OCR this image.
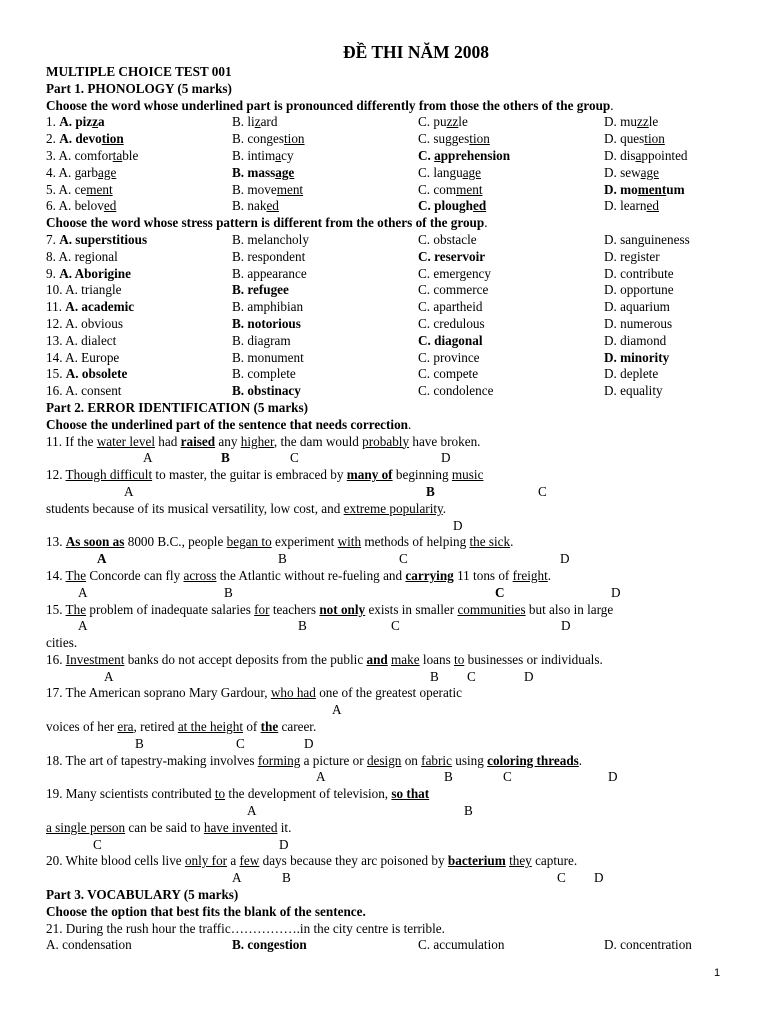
ĐỀ THI NĂM 2008
MULTIPLE CHOICE TEST 001
Part 1. PHONOLOGY (5 marks)
Choose the word whose underlined part is pronounced differently from those the others of the group.
1. A. pizza	B. lizard	C. puzzle	D. muzzle
2. A. devotion	B. congestion	C. suggestion	D. question
3. A. comfortable	B. intimacy	C. apprehension	D. disappointed
4. A. garbage	B. massage	C. language	D. sewage
5. A. cement	B. movement	C. comment	D. momentum
6. A. beloved	B. naked	C. ploughed	D. learned
Choose the word whose stress pattern is different from the others of the group.
7. A. superstitious	B. melancholy	C. obstacle	D. sanguineness
8. A. regional	B. respondent	C. reservoir	D. register
9. A. Aborigine	B. appearance	C. emergency	D. contribute
10. A. triangle	B. refugee	C. commerce	D. opportune
11. A. academic	B. amphibian	C. apartheid	D. aquarium
12. A. obvious	B. notorious	C. credulous	D. numerous
13. A. dialect	B. diagram	C. diagonal	D. diamond
14. A. Europe	B. monument	C. province	D. minority
15. A. obsolete	B. complete	C. compete	D. deplete
16. A. consent	B. obstinacy	C. condolence	D. equality
Part 2. ERROR IDENTIFICATION (5 marks)
Choose the underlined part of the sentence that needs correction.
11. If the water level had raised any higher, the dam would probably have broken.
A	B	C	D
12. Though difficult to master, the guitar is embraced by many of beginning music
A	B	C
students because of its musical versatility, low cost, and extreme popularity.
D
13. As soon as 8000 B.C., people began to experiment with methods of helping the sick.
A	B	C	D
14. The Concorde can fly across the Atlantic without re-fueling and carrying 11 tons of freight.
A	B	C	D
15. The problem of inadequate salaries for teachers not only exists in smaller communities but also in large
A	B	C	D
cities.
16. Investment banks do not accept deposits from the public and make loans to businesses or individuals.
A	B C	D
17. The American soprano Mary Gardour, who had one of the greatest operatic
A
voices of her era, retired at the height of the career.
B	C	D
18. The art of tapestry-making involves forming a picture or design on fabric using coloring threads.
A	B	C	D
19. Many scientists contributed to the development of television, so that
A	B
a single person can be said to have invented it.
C	D
20. White blood cells live only for a few days because they arc poisoned by bacterium they capture.
A	B	C D
Part 3. VOCABULARY (5 marks)
Choose the option that best fits the blank of the sentence.
21. During the rush hour the traffic…………….in the city centre is terrible.
A. condensation	B. congestion	C. accumulation	D. concentration
1
